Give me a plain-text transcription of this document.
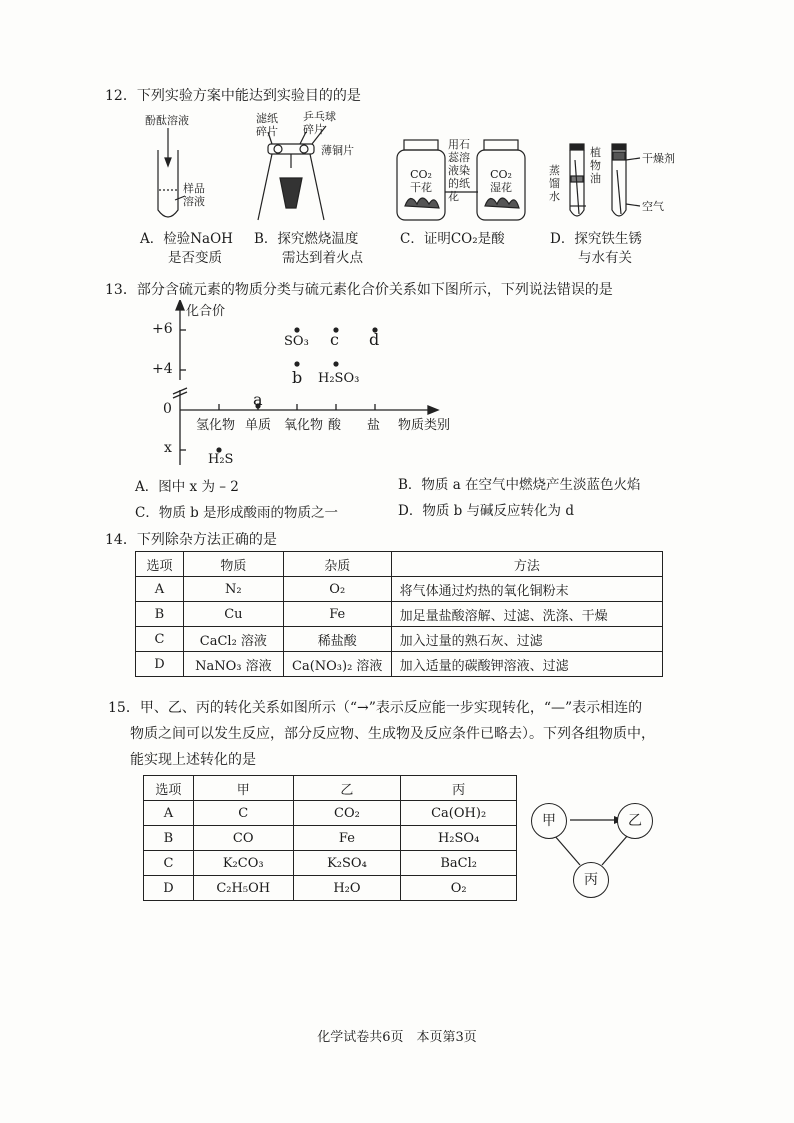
12．下列实验方案中能达到实验目的的是
酚酞溶液
样品溶液
滤纸碎片
乒乓球碎片
薄铜片
CO₂干花
CO₂湿花
用石蕊溶液染的纸花
蒸馏水
植物油
干燥剂
空气
A．检验NaOH
是否变质
B．探究燃烧温度
需达到着火点
C．证明CO₂是酸	D．探究铁生锈
与水有关
13．部分含硫元素的物质分类与硫元素化合价关系如下图所示，下列说法错误的是
化合价
+6
+4
0
x
氢化物 单质 氧化物 酸 盐 物质类别
SO₃ c d
b H₂SO₃
a
H₂S
A．图中 x 为 – 2	B．物质 a 在空气中燃烧产生淡蓝色火焰
C．物质 b 是形成酸雨的物质之一	D．物质 b 与碱反应转化为 d
14．下列除杂方法正确的是
选项	物质	杂质	方法
A	N₂	O₂	将气体通过灼热的氧化铜粉末
B	Cu	Fe	加足量盐酸溶解、过滤、洗涤、干燥
C	CaCl₂ 溶液	稀盐酸	加入过量的熟石灰、过滤
D	NaNO₃ 溶液	Ca(NO₃)₂ 溶液	加入适量的碳酸钾溶液、过滤
15．甲、乙、丙的转化关系如图所示（“→”表示反应能一步实现转化，“—”表示相连的
物质之间可以发生反应，部分反应物、生成物及反应条件已略去）。下列各组物质中，
能实现上述转化的是
选项	甲	乙	丙
A	C	CO₂	Ca(OH)₂
B	CO	Fe	H₂SO₄
C	K₂CO₃	K₂SO₄	BaCl₂
D	C₂H₅OH	H₂O	O₂
甲	乙
丙
化学试卷共6页　本页第3页
